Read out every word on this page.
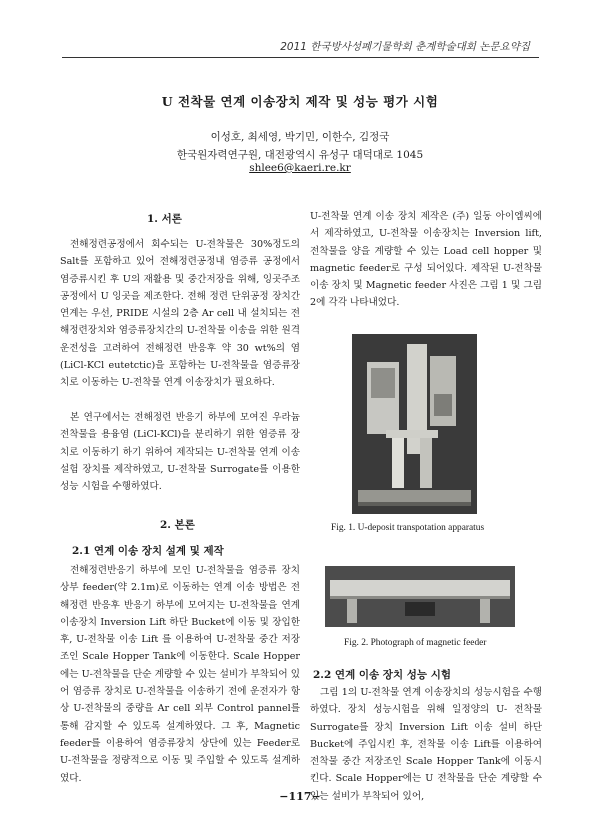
2011 한국방사성폐기물학회 춘계학술대회 논문요약집
U 전착물 연계 이송장치 제작 및 성능 평가 시험
이성호, 최세영, 박기민, 이한수, 김정국
한국원자력연구원, 대전광역시 유성구 대덕대로 1045
shlee6@kaeri.re.kr
1. 서론
전해정련공정에서 회수되는 U-전착물은 30%정도의 Salt를 포함하고 있어 전해정련공정내 염증류 공정에서 염증류시킨 후 U의 재활용 및 중간저장을 위해, 잉곳주조 공정에서 U 잉곳을 제조한다. 전해 정련 단위공정 장치간 연계는 우선, PRIDE 시설의 2층 Ar cell 내 설치되는 전해정련장치와 염증류장치간의 U-전착물 이송을 위한 원격 운전성을 고려하여 전해정련 반응후 약 30 wt%의 염(LiCl-KCl eutetctic)을 포함하는 U-전착물을 염증류장치로 이동하는 U-전착물 연계 이송장치가 필요하다.
본 연구에서는 전해정련 반응기 하부에 모여진 우라늄 전착물을 용융염 (LiCl-KCl)을 분리하기 위한 염증류 장치로 이동하기 하기 위하여 제작되는 U-전착물 연계 이송 설험 장치를 제작하였고, U-전착물 Surrogate를 이용한 성능 시험을 수행하였다.
2. 본론
2.1 연계 이송 장치 설계 및 제작
전해정련반응기 하부에 모인 U-전착물을 염증류 장치 상부 feeder(약 2.1m)로 이동하는 연계 이송 방법은 전해정련 반응후 반응기 하부에 모여지는 U-전착물을 연계 이송장치 Inversion Lift 하단 Bucket에 이동 및 장입한 후, U-전착물 이송 Lift 를 이용하여 U-전착물 중간 저장조인 Scale Hopper Tank에 이동한다. Scale Hopper에는 U-전착물을 단순 계량할 수 있는 설비가 부착되어 있어 염증류 장치로 U-전착물을 이송하기 전에 운전자가 항상 U-전착물의 중량을 Ar cell 외부 Control pannel를 통해 감지할 수 있도록 설계하였다. 그 후, Magnetic feeder를 이용하여 염증류장치 상단에 있는 Feeder로 U-전착물을 정량적으로 이동 및 주입할 수 있도록 설계하였다.
U-전착물 연계 이송 장치 제작은 (주) 일동 아이엠씨에서 제작하였고, U-전착물 이송장치는 Inversion lift, 전착물을 양을 계량할 수 있는 Load cell hopper 및 magnetic feeder로 구성 되어있다. 제작된 U-전착물 이송 장치 및 Magnetic feeder 사진은 그림 1 및 그림 2에 각각 나타내었다.
Fig. 1. U-deposit transpotation apparatus
Fig. 2. Photograph of magnetic feeder
2.2 연계 이송 장치 성능 시험
그림 1의 U-전착물 연계 이송장치의 성능시험을 수행하였다. 장치 성능시험을 위해 일정양의 U- 전착물 Surrogate를 장치 Inversion Lift 이송 설비 하단 Bucket에 주입시킨 후, 전착물 이송 Lift를 이용하여 전착물 중간 저장조인 Scale Hopper Tank에 이동시킨다. Scale Hopper에는 U 전착물을 단순 계량할 수 있는 설비가 부착되어 있어,
−117−
